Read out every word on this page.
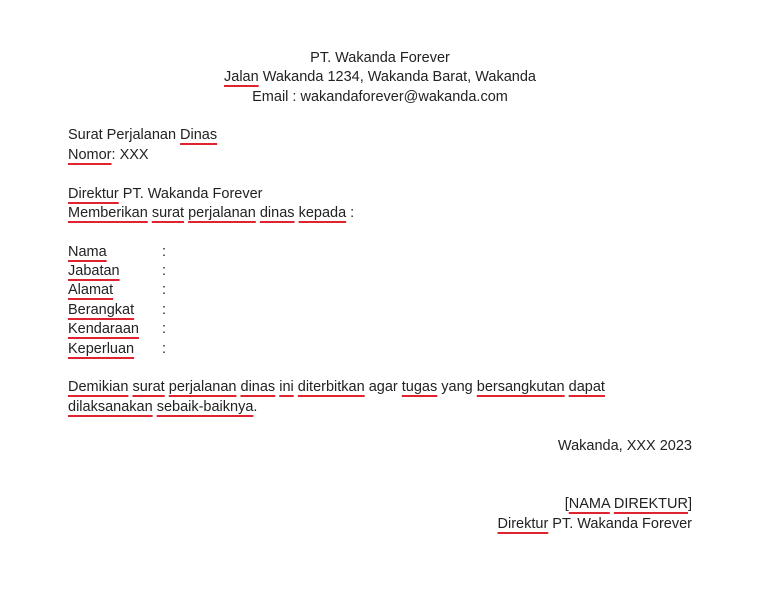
PT. Wakanda Forever
Jalan Wakanda 1234, Wakanda Barat, Wakanda
Email : wakandaforever@wakanda.com
Surat Perjalanan Dinas
Nomor: XXX
Direktur PT. Wakanda Forever
Memberikan surat perjalanan dinas kepada :
Nama	:
Jabatan	:
Alamat	:
Berangkat :
Kendaraan :
Keperluan :
Demikian surat perjalanan dinas ini diterbitkan agar tugas yang bersangkutan dapat
dilaksanakan sebaik-baiknya.
Wakanda, XXX 2023
[NAMA DIREKTUR]
Direktur PT. Wakanda Forever
